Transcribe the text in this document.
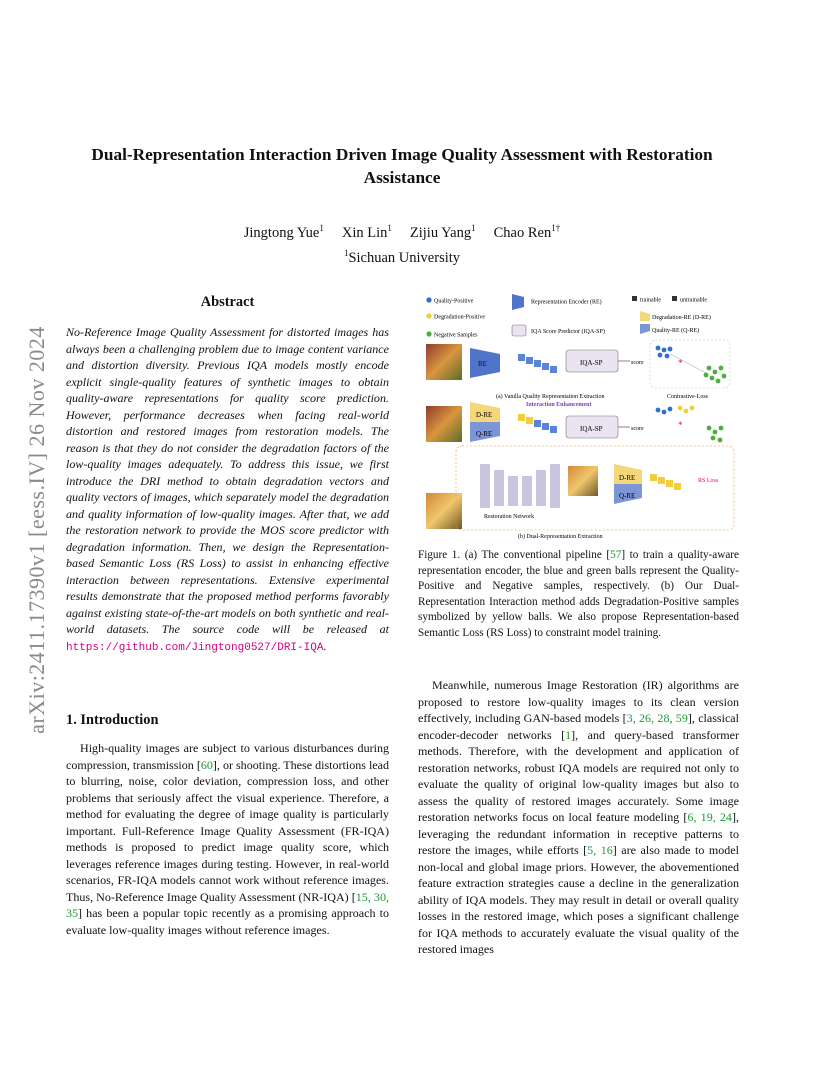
arXiv:2411.17390v1 [eess.IV] 26 Nov 2024
Dual-Representation Interaction Driven Image Quality Assessment with Restoration Assistance
Jingtong Yue$^1$ Xin Lin$^1$ Zijiu Yang$^1$ Chao Ren$^{1\dagger}$
$^1$Sichuan University
Abstract
No-Reference Image Quality Assessment for distorted images has always been a challenging problem due to image content variance and distortion diversity. Previous IQA models mostly encode explicit single-quality features of synthetic images to obtain quality-aware representations for quality score prediction. However, performance decreases when facing real-world distortion and restored images from restoration models. The reason is that they do not consider the degradation factors of the low-quality images adequately. To address this issue, we first introduce the DRI method to obtain degradation vectors and quality vectors of images, which separately model the degradation and quality information of low-quality images. After that, we add the restoration network to provide the MOS score predictor with degradation information. Then, we design the Representation-based Semantic Loss (RS Loss) to assist in enhancing effective interaction between representations. Extensive experimental results demonstrate that the proposed method performs favorably against existing state-of-the-art models on both synthetic and real-world datasets. The source code will be released at https://github.com/Jingtong0527/DRI-IQA.
1. Introduction
High-quality images are subject to various disturbances during compression, transmission [60], or shooting. These distortions lead to blurring, noise, color deviation, compression loss, and other problems that seriously affect the visual experience. Therefore, a method for evaluating the degree of image quality is particularly important. Full-Reference Image Quality Assessment (FR-IQA) methods is proposed to predict image quality score, which leverages reference images during testing. However, in real-world scenarios, FR-IQA models cannot work without reference images. Thus, No-Reference Image Quality Assessment (NR-IQA) [15, 30, 35] has been a popular topic recently as a promising approach to evaluate low-quality images without reference images.
Quality-Positive	Representation Encoder (RE)	trainable	untrainable
Degradation-Positive	Degradation-RE (D-RE)
Negative Samples
IQA Score Predictor (IQA-SP)	Quality-RE (Q-RE)
RE	IQA-SP	score	*
(a) Vanilla Quality Representation Extraction	Contrastive-Loss
D-RE
Q-RE
Interaction Enhancement
IQA-SP	score	*
Restoration Network
D-RE
Q-RE
RS Loss
(b) Dual-Representation Extraction
Figure 1. (a) The conventional pipeline [57] to train a quality-aware representation encoder, the blue and green balls represent the Quality-Positive and Negative samples, respectively. (b) Our Dual-Representation Interaction method adds Degradation-Positive samples symbolized by yellow balls. We also propose Representation-based Semantic Loss (RS Loss) to constraint model training.
Meanwhile, numerous Image Restoration (IR) algorithms are proposed to restore low-quality images to its clean version effectively, including GAN-based models [3, 26, 28, 59], classical encoder-decoder networks [1], and query-based transformer methods. Therefore, with the development and application of restoration networks, robust IQA models are required not only to evaluate the quality of original low-quality images but also to assess the quality of restored images accurately. Some image restoration networks focus on local feature modeling [6, 19, 24], leveraging the redundant information in receptive patterns to restore the images, while efforts [5, 16] are also made to model non-local and global image priors. However, the abovementioned feature extraction strategies cause a decline in the generalization ability of IQA models. They may result in detail or overall quality losses in the restored image, which poses a significant challenge for IQA methods to accurately evaluate the visual quality of the restored images
